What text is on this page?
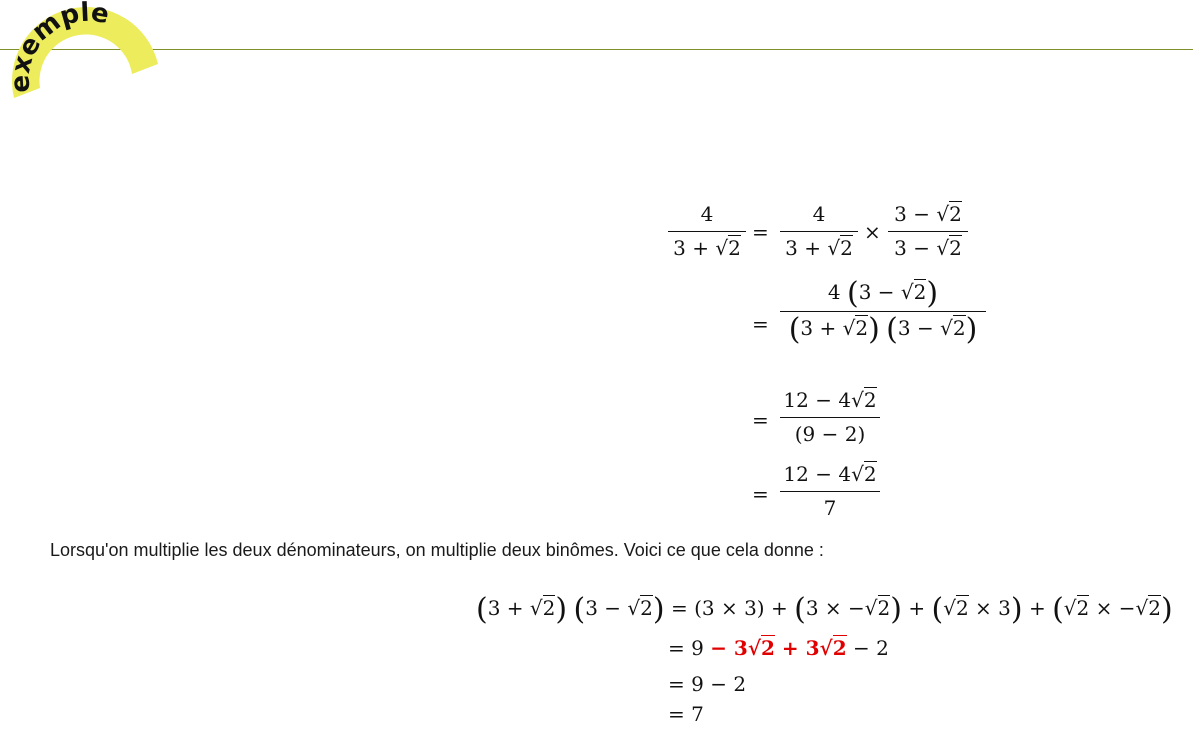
exemple
4
3 + √2
=
4
3 + √2
×
3 − √2
3 − √2
=
4 (3 − √2)
(3 + √2) (3 − √2)
=
12 − 4√2
(9 − 2)
=
12 − 4√2
7
Lorsqu'on multiplie les deux dénominateurs, on multiplie deux binômes. Voici ce que cela donne :
(3 + √2) (3 − √2) = (3 × 3) + (3 × −√2) + (√2 × 3) + (√2 × −√2)
= 9 − 3√2 + 3√2 − 2
= 9 − 2
= 7
